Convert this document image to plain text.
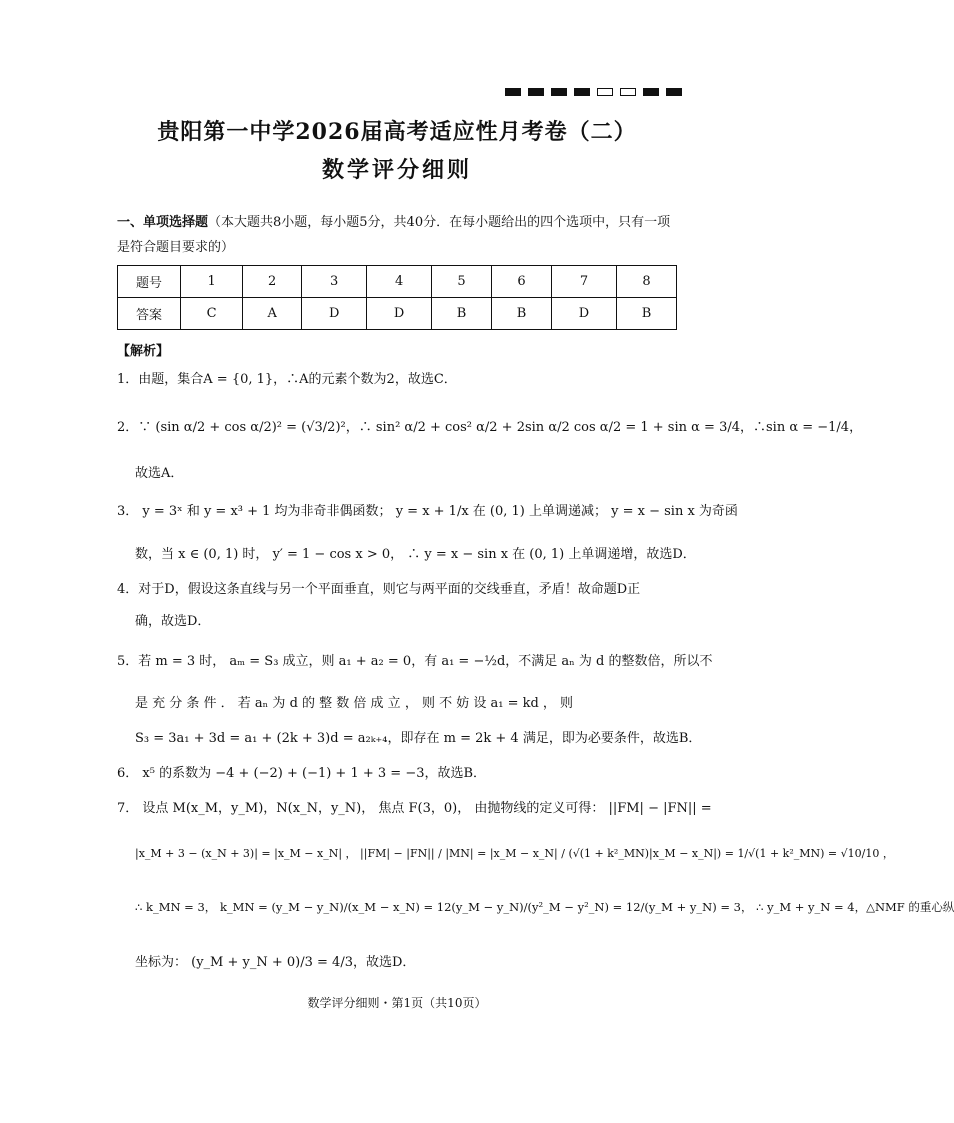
贵阳第一中学2026届高考适应性月考卷（二）
数学评分细则
一、单项选择题（本大题共8小题，每小题5分，共40分．在每小题给出的四个选项中，只有一项是符合题目要求的）
题号	1	2	3	4	5	6	7	8
答案	C	A	D	D	B	B	D	B
【解析】
1．由题，集合A = {0, 1}，∴A的元素个数为2，故选C．
2．∵ (sin α/2 + cos α/2)² = (√3/2)²，∴ sin² α/2 + cos² α/2 + 2sin α/2 cos α/2 = 1 + sin α = 3/4，∴sin α = −1/4，
故选A．
3． y = 3ˣ 和 y = x³ + 1 均为非奇非偶函数； y = x + 1/x 在 (0, 1) 上单调递减； y = x − sin x 为奇函
数，当 x ∈ (0, 1) 时， y′ = 1 − cos x > 0， ∴ y = x − sin x 在 (0, 1) 上单调递增，故选D．
4．对于D，假设这条直线与另一个平面垂直，则它与两平面的交线垂直，矛盾！故命题D正
确，故选D．
5．若 m = 3 时， aₘ = S₃ 成立，则 a₁ + a₂ = 0，有 a₁ = −½d，不满足 aₙ 为 d 的整数倍，所以不
是 充 分 条 件 ． 若 aₙ 为 d 的 整 数 倍 成 立 ， 则 不 妨 设 a₁ = kd ， 则
S₃ = 3a₁ + 3d = a₁ + (2k + 3)d = a₂ₖ₊₄，即存在 m = 2k + 4 满足，即为必要条件，故选B．
6． x⁵ 的系数为 −4 + (−2) + (−1) + 1 + 3 = −3，故选B．
7． 设点 M(x_M，y_M)，N(x_N，y_N)， 焦点 F(3，0)， 由抛物线的定义可得： ||FM| − |FN|| =
|x_M + 3 − (x_N + 3)| = |x_M − x_N| ， ||FM| − |FN|| / |MN| = |x_M − x_N| / (√(1 + k²_MN)|x_M − x_N|) = 1/√(1 + k²_MN) = √10/10 ，
∴ k_MN = 3， k_MN = (y_M − y_N)/(x_M − x_N) = 12(y_M − y_N)/(y²_M − y²_N) = 12/(y_M + y_N) = 3， ∴ y_M + y_N = 4，△NMF 的重心纵
坐标为： (y_M + y_N + 0)/3 = 4/3，故选D．
数学评分细则・第1页（共10页）
